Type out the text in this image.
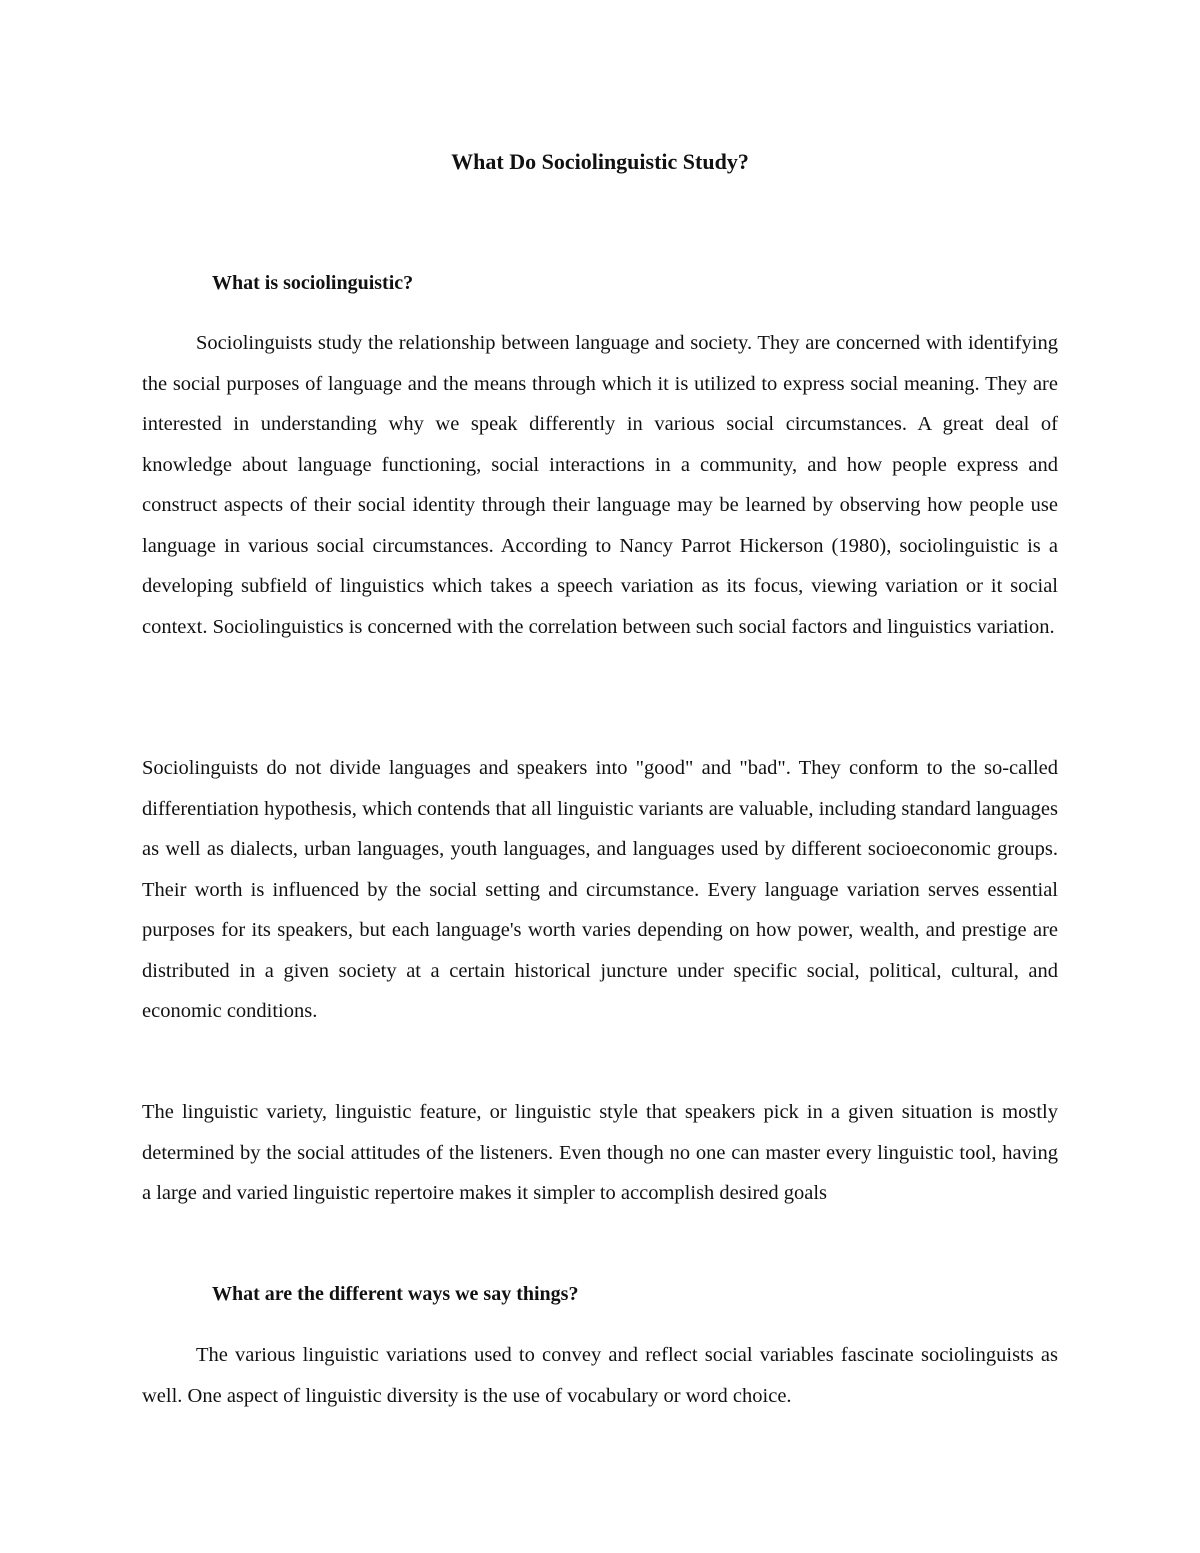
What Do Sociolinguistic Study?
What is sociolinguistic?

Sociolinguists study the relationship between language and society. They are concerned with identifying the social purposes of language and the means through which it is utilized to express social meaning. They are interested in understanding why we speak differently in various social circumstances. A great deal of knowledge about language functioning, social interactions in a community, and how people express and construct aspects of their social identity through their language may be learned by observing how people use language in various social circumstances. According to Nancy Parrot Hickerson (1980), sociolinguistic is a developing subfield of linguistics which takes a speech variation as its focus, viewing variation or it social context. Sociolinguistics is concerned with the correlation between such social factors and linguistics variation.

Sociolinguists do not divide languages and speakers into "good" and "bad". They conform to the so-called differentiation hypothesis, which contends that all linguistic variants are valuable, including standard languages as well as dialects, urban languages, youth languages, and languages used by different socioeconomic groups. Their worth is influenced by the social setting and circumstance. Every language variation serves essential purposes for its speakers, but each language's worth varies depending on how power, wealth, and prestige are distributed in a given society at a certain historical juncture under specific social, political, cultural, and economic conditions.

The linguistic variety, linguistic feature, or linguistic style that speakers pick in a given situation is mostly determined by the social attitudes of the listeners. Even though no one can master every linguistic tool, having a large and varied linguistic repertoire makes it simpler to accomplish desired goals

What are the different ways we say things?

The various linguistic variations used to convey and reflect social variables fascinate sociolinguists as well. One aspect of linguistic diversity is the use of vocabulary or word choice.
